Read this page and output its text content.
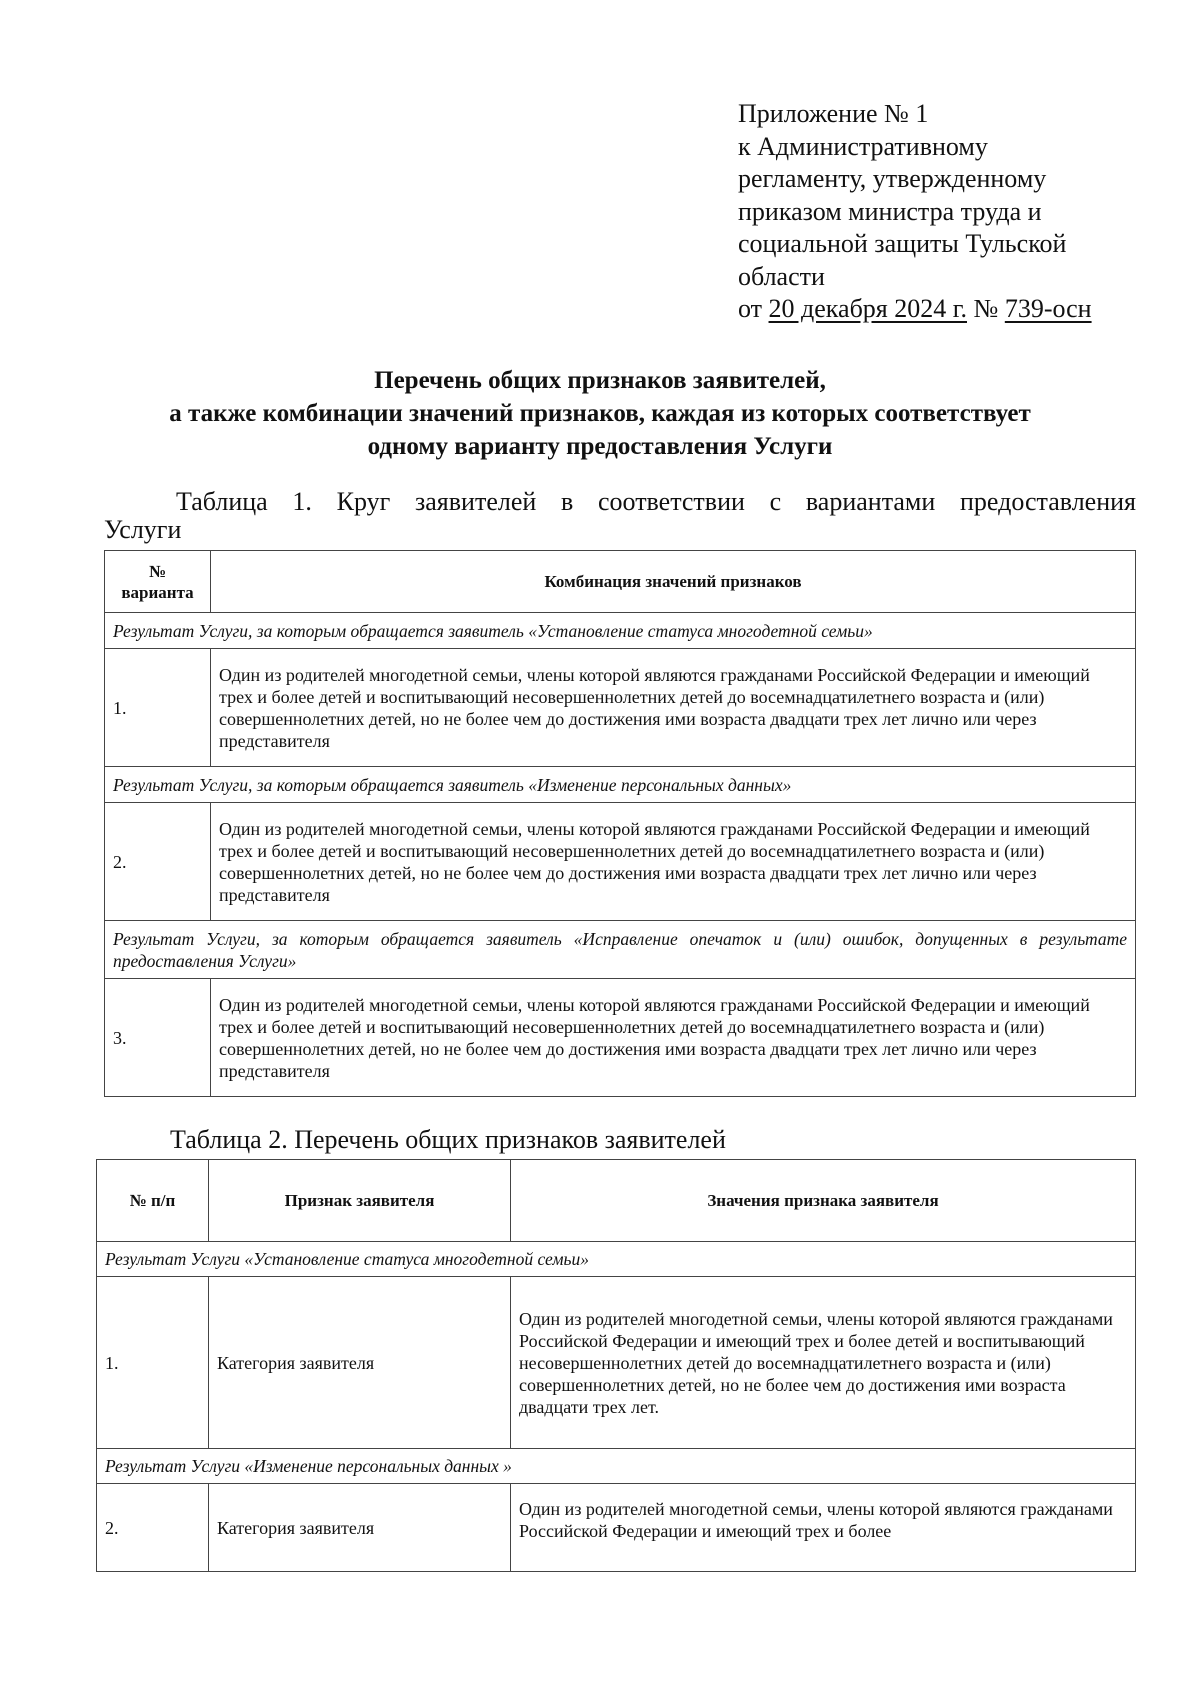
Приложение № 1
к Административному
регламенту, утвержденному
приказом министра труда и
социальной защиты Тульской
области
от 20 декабря 2024 г. № 739-осн
Перечень общих признаков заявителей,
а также комбинации значений признаков, каждая из которых соответствует
одному варианту предоставления Услуги
Таблица 1. Круг заявителей в соответствии с вариантами предоставления
Услуги
№ варианта	Комбинация значений признаков
Результат Услуги, за которым обращается заявитель «Установление статуса многодетной семьи»	
1.	Один из родителей многодетной семьи, члены которой являются гражданами Российской Федерации и имеющий трех и более детей и воспитывающий несовершеннолетних детей до восемнадцатилетнего возраста и (или) совершеннолетних детей, но не более чем до достижения ими возраста двадцати трех лет лично или через представителя
Результат Услуги, за которым обращается заявитель «Изменение персональных данных»	
2.	Один из родителей многодетной семьи, члены которой являются гражданами Российской Федерации и имеющий трех и более детей и воспитывающий несовершеннолетних детей до восемнадцатилетнего возраста и (или) совершеннолетних детей, но не более чем до достижения ими возраста двадцати трех лет лично или через представителя
Результат Услуги, за которым обращается заявитель «Исправление опечаток и (или) ошибок, допущенных в результате предоставления Услуги»	
3.	Один из родителей многодетной семьи, члены которой являются гражданами Российской Федерации и имеющий трех и более детей и воспитывающий несовершеннолетних детей до восемнадцатилетнего возраста и (или) совершеннолетних детей, но не более чем до достижения ими возраста двадцати трех лет лично или через представителя
Таблица 2. Перечень общих признаков заявителей
№ п/п	Признак заявителя	Значения признака заявителя
Результат Услуги «Установление статуса многодетной семьи»		
1.	Категория заявителя	Один из родителей многодетной семьи, члены которой являются гражданами Российской Федерации и имеющий трех и более детей и воспитывающий несовершеннолетних детей до восемнадцатилетнего возраста и (или) совершеннолетних детей, но не более чем до достижения ими возраста двадцати трех лет.
Результат Услуги «Изменение персональных данных »		
2.	Категория заявителя	Один из родителей многодетной семьи, члены которой являются гражданами Российской Федерации и имеющий трех и более
